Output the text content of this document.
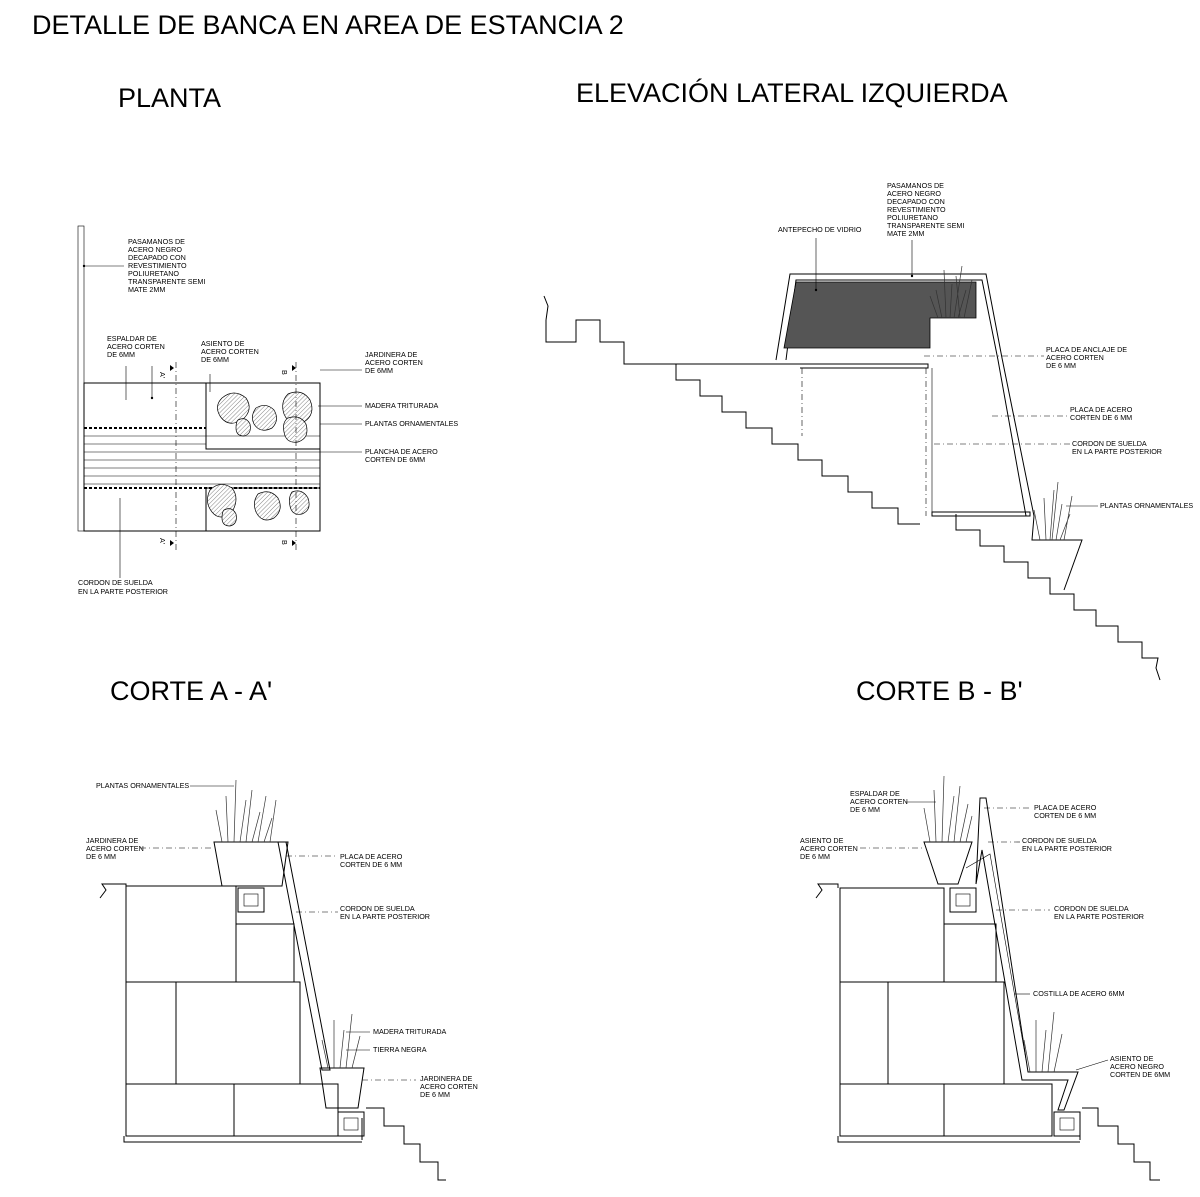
DETALLE DE BANCA EN AREA DE ESTANCIA 2
PLANTA	ELEVACIÓN LATERAL IZQUIERDA
CORTE A - A'	CORTE B - B'
A'
A'
B
B
PASAMANOS DE
ACERO NEGRO
DECAPADO CON
REVESTIMIENTO
POLIURETANO
TRANSPARENTE SEMI
MATE 2MM
ESPALDAR DE
ACERO CORTEN
DE 6MM
ASIENTO DE
ACERO CORTEN
DE 6MM
JARDINERA DE
ACERO CORTEN
DE 6MM
MADERA TRITURADA
PLANTAS ORNAMENTALES
PLANCHA DE ACERO
CORTEN DE 6MM
CORDON DE SUELDA
EN LA PARTE POSTERIOR
PASAMANOS DE
ACERO NEGRO
DECAPADO CON
REVESTIMIENTO
POLIURETANO
TRANSPARENTE SEMI
MATE 2MM
ANTEPECHO DE VIDRIO
PLACA DE ANCLAJE DE
ACERO CORTEN
DE 6 MM
PLACA DE ACERO
CORTEN DE 6 MM
CORDON DE SUELDA
EN LA PARTE POSTERIOR
PLANTAS ORNAMENTALES
PLANTAS ORNAMENTALES
JARDINERA DE
ACERO CORTEN
DE 6 MM	PLACA DE ACERO
CORTEN DE 6 MM
CORDON DE SUELDA
EN LA PARTE POSTERIOR
MADERA TRITURADA
TIERRA NEGRA
JARDINERA DE
ACERO CORTEN
DE 6 MM
ESPALDAR DE
ACERO CORTEN
DE 6 MM
ASIENTO DE
ACERO CORTEN
DE 6 MM
PLACA DE ACERO
CORTEN DE 6 MM
CORDON DE SUELDA
EN LA PARTE POSTERIOR
CORDON DE SUELDA
EN LA PARTE POSTERIOR
COSTILLA DE ACERO 6MM
ASIENTO DE
ACERO NEGRO
CORTEN DE 6MM
